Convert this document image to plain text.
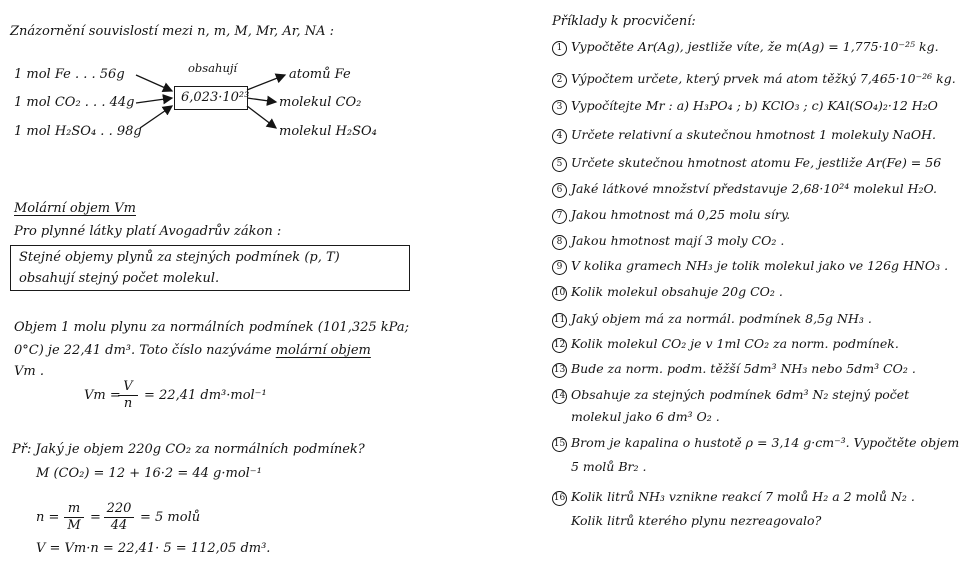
Znázornění souvislostí mezi n, m, M, Mr, Ar, NA :
1 mol Fe . . . 56g
1 mol CO₂ . . . 44g
1 mol H₂SO₄ . . 98g
obsahují
6,023·10²³
atomů Fe
molekul CO₂
molekul H₂SO₄
Molární objem Vm
Pro plynné látky platí Avogadrův zákon :
Stejné objemy plynů za stejných podmínek (p, T)
obsahují stejný počet molekul.
Objem 1 molu plynu za normálních podmínek (101,325 kPa;
0°C) je 22,41 dm³. Toto číslo nazýváme molární objem
Vm .
Vm =
$\frac{V}{n} = 22,41$ dm³·mol⁻¹
Př: Jaký je objem 220g CO₂ za normálních podmínek?
M (CO₂) = 12 + 16·2 = 44 g·mol⁻¹
$n = \frac{m}{M} = \frac{220}{44} = 5$ molů
V = Vm·n = 22,41· 5 = 112,05 dm³.
Příklady k procvičení:
1 Vypočtěte Ar(Ag), jestliže víte, že m(Ag) = 1,775·10⁻²⁵ kg.
2 Výpočtem určete, který prvek má atom těžký 7,465·10⁻²⁶ kg.
3 Vypočítejte Mr : a) H₃PO₄ ; b) KClO₃ ; c) KAl(SO₄)₂·12 H₂O
4 Určete relativní a skutečnou hmotnost 1 molekuly NaOH.
5 Určete skutečnou hmotnost atomu Fe, jestliže Ar(Fe) = 56
6 Jaké látkové množství představuje 2,68·10²⁴ molekul H₂O.
7 Jakou hmotnost má 0,25 molu síry.
8 Jakou hmotnost mají 3 moly CO₂ .
9 V kolika gramech NH₃ je tolik molekul jako ve 126g HNO₃ .
10 Kolik molekul obsahuje 20g CO₂ .
11 Jaký objem má za normál. podmínek 8,5g NH₃ .
12 Kolik molekul CO₂ je v 1ml CO₂ za norm. podmínek.
13 Bude za norm. podm. těžší 5dm³ NH₃ nebo 5dm³ CO₂ .
14 Obsahuje za stejných podmínek 6dm³ N₂ stejný počet
molekul jako 6 dm³ O₂ .
15 Brom je kapalina o hustotě ρ = 3,14 g·cm⁻³. Vypočtěte objem
5 molů Br₂ .
16 Kolik litrů NH₃ vznikne reakcí 7 molů H₂ a 2 molů N₂ .
Kolik litrů kterého plynu nezreagovalo?
